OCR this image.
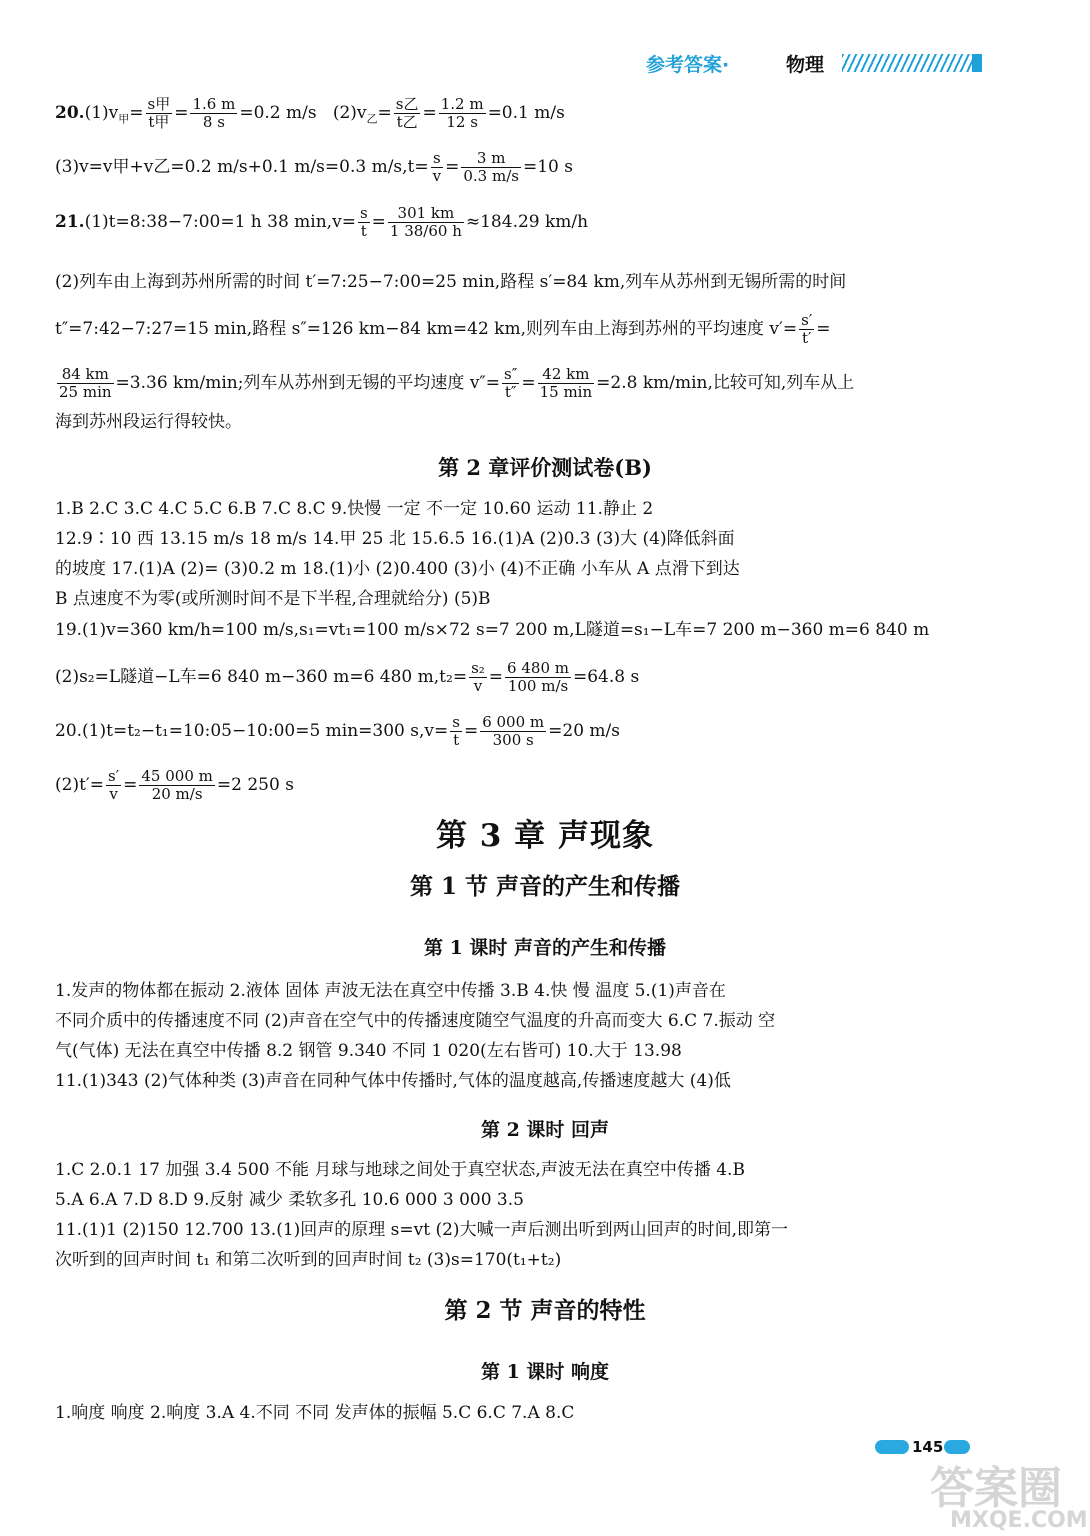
参考答案·	物理
$20.(1)v_甲= \frac{\text{s甲}}{\text{t甲}} = \frac{1.6 m}{8 s} =0.2$ m/s $(2)v_乙= \frac{\text{s乙}}{\text{t乙}} = \frac{1.2 m}{12 s} =0.1$ m/s
(3)v=v甲+v乙=0.2 m/s+0.1 m/s=0.3 $m/s,t= \frac{s}{v} = \frac{3 m}{0.3 m/s} =10$ s
21.(1)t=8:38−7:00=1 h 38 $\min,v= \frac{s}{t} = \frac{301 km}{1 38/60 h} \approx 184.29$ km/h
(2)列车由上海到苏州所需的时间 t′=7:25−7:00=25 min,路程 s′=84 km,列车从苏州到无锡所需的时间
t″=7:42−7:27=15 min,路程 s″=126 km−84 km=42 km,则列车由上海到苏州的平均速度 $v'= \frac{s'}{t'}$ =
$\frac{84 km}{25 \min} =3.36$ km/min;列车从苏州到无锡的平均速度 $v''= \frac{s''}{t''} = \frac{42 km}{15 \min} =2.8$ km/min,比较可知,列车从上
海到苏州段运行得较快。
第 2 章评价测试卷(B)
1.B 2.C 3.C 4.C 5.C 6.B 7.C 8.C 9.快慢 一定 不一定 10.60 运动 11.静止 2
12.9∶10 西 13.15 m/s 18 m/s 14.甲 25 北 15.6.5 16.(1)A (2)0.3 (3)大 (4)降低斜面
的坡度 17.(1)A (2)= (3)0.2 m 18.(1)小 (2)0.400 (3)小 (4)不正确 小车从 A 点滑下到达
B 点速度不为零(或所测时间不是下半程,合理就给分) (5)B
19.(1)v=360 km/h=100 m/s,s₁=vt₁=100 m/s×72 s=7 200 m,L隧道=s₁−L车=7 200 m−360 m=6 840 m
(2)s₂=L隧道−L车=6 840 m−360 m=6 480 $m,t_2= \frac{\text{s₂}}{v} = \frac{6 480 m}{100 m/s} =64.8$ s
20.(1)t=t₂−t₁=10:05−10:00=5 min=300 $s,v= \frac{s}{t} = \frac{6 000 m}{300 s} =20$ m/s
$(2)t'= \frac{s'}{v} = \frac{45 000 m}{20 m/s} =2$ 250 s
第 3 章 声现象
第 1 节 声音的产生和传播
第 1 课时 声音的产生和传播
1.发声的物体都在振动 2.液体 固体 声波无法在真空中传播 3.B 4.快 慢 温度 5.(1)声音在
不同介质中的传播速度不同 (2)声音在空气中的传播速度随空气温度的升高而变大 6.C 7.振动 空
气(气体) 无法在真空中传播 8.2 钢管 9.340 不同 1 020(左右皆可) 10.大于 13.98
11.(1)343 (2)气体种类 (3)声音在同种气体中传播时,气体的温度越高,传播速度越大 (4)低
第 2 课时 回声
1.C 2.0.1 17 加强 3.4 500 不能 月球与地球之间处于真空状态,声波无法在真空中传播 4.B
5.A 6.A 7.D 8.D 9.反射 减少 柔软多孔 10.6 000 3 000 3.5
11.(1)1 (2)150 12.700 13.(1)回声的原理 s=vt (2)大喊一声后测出听到两山回声的时间,即第一
次听到的回声时间 t₁ 和第二次听到的回声时间 t₂ (3)s=170(t₁+t₂)
第 2 节 声音的特性
第 1 课时 响度
1.响度 响度 2.响度 3.A 4.不同 不同 发声体的振幅 5.C 6.C 7.A 8.C
145
答案圈
MXQE.COM
